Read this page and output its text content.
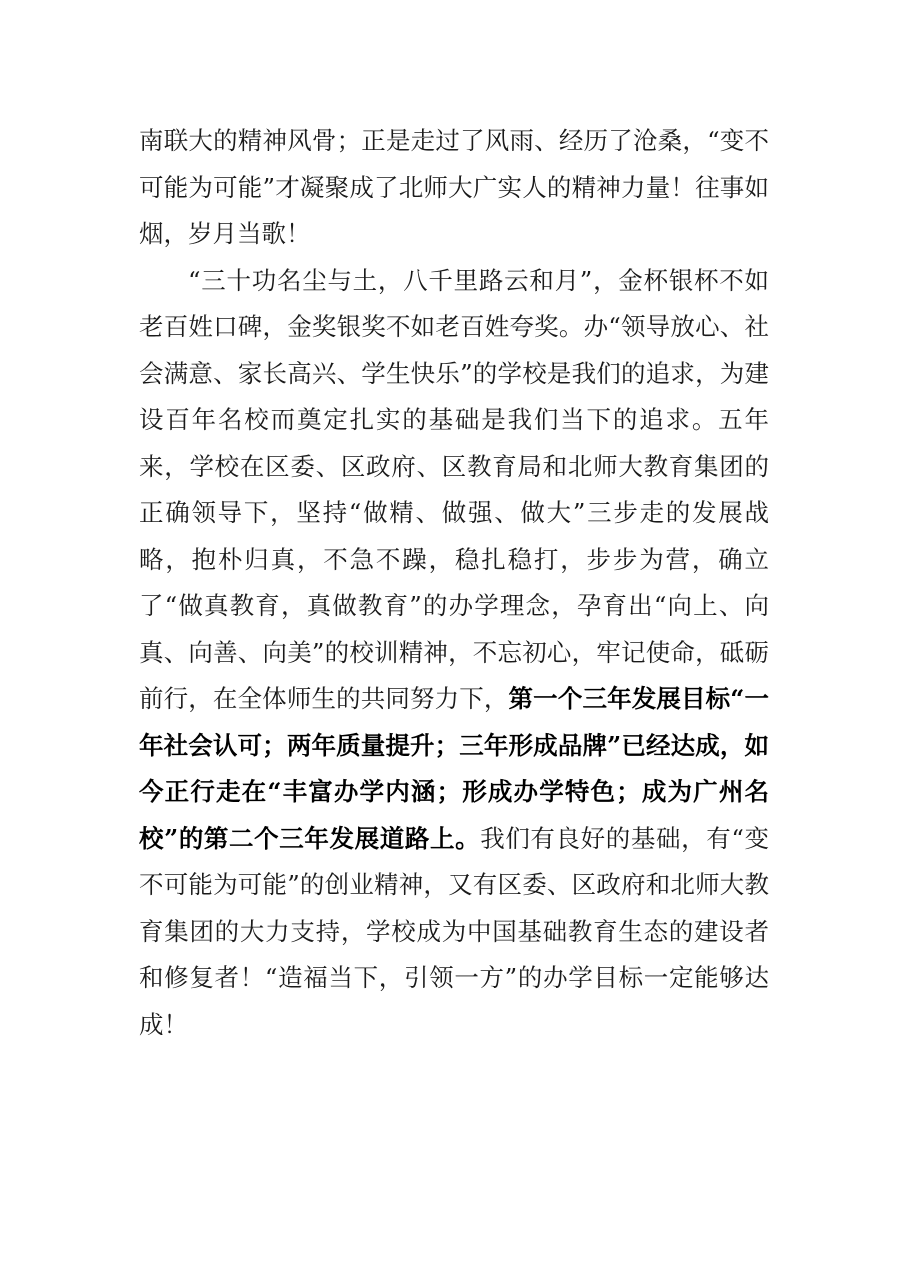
南联大的精神风骨；正是走过了风雨、经历了沧桑，“变不可能为可能”才凝聚成了北师大广实人的精神力量！往事如烟，岁月当歌！

“三十功名尘与土，八千里路云和月”，金杯银杯不如老百姓口碑，金奖银奖不如老百姓夸奖。办“领导放心、社会满意、家长高兴、学生快乐”的学校是我们的追求，为建设百年名校而奠定扎实的基础是我们当下的追求。五年来，学校在区委、区政府、区教育局和北师大教育集团的正确领导下，坚持“做精、做强、做大”三步走的发展战略，抱朴归真，不急不躁，稳扎稳打，步步为营，确立了“做真教育，真做教育”的办学理念，孕育出“向上、向真、向善、向美”的校训精神，不忘初心，牢记使命，砥砺前行，在全体师生的共同努力下，第一个三年发展目标“一年社会认可；两年质量提升；三年形成品牌”已经达成，如今正行走在“丰富办学内涵；形成办学特色；成为广州名校”的第二个三年发展道路上。我们有良好的基础，有“变不可能为可能”的创业精神，又有区委、区政府和北师大教育集团的大力支持，学校成为中国基础教育生态的建设者和修复者！“造福当下，引领一方”的办学目标一定能够达成！
